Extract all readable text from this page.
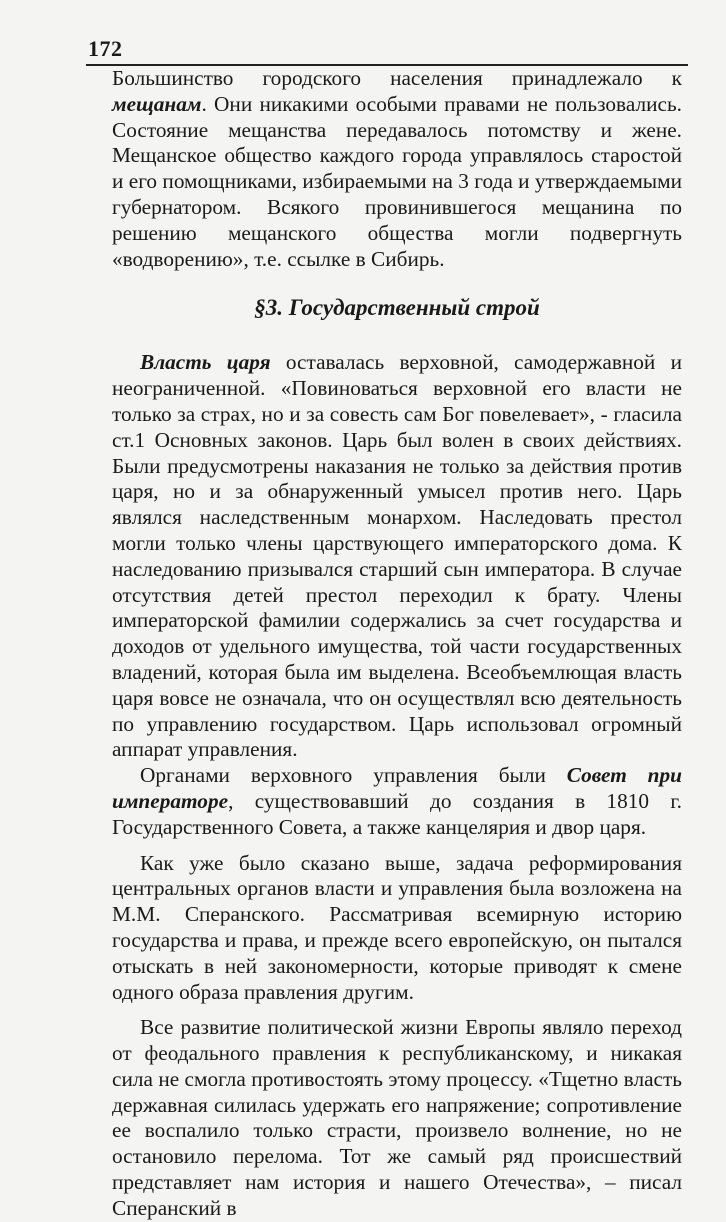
172

Большинство городского населения принадлежало к мещанам. Они никакими особыми правами не пользовались. Состояние мещанства передавалось потомству и жене. Мещанское общество каждого города управлялось старостой и его помощниками, избираемыми на 3 года и утверждаемыми губернатором. Всякого провинившегося мещанина по решению мещанского общества могли подвергнуть «водворению», т.е. ссылке в Сибирь.

§3. Государственный строй

Власть царя оставалась верховной, самодержавной и неограниченной. «Повиноваться верховной его власти не только за страх, но и за совесть сам Бог повелевает», - гласила ст.1 Основных законов. Царь был волен в своих действиях. Были предусмотрены наказания не только за действия против царя, но и за обнаруженный умысел против него. Царь являлся наследственным монархом. Наследовать престол могли только члены царствующего императорского дома. К наследованию призывался старший сын императора. В случае отсутствия детей престол переходил к брату. Члены императорской фамилии содержались за счет государства и доходов от удельного имущества, той части государственных владений, которая была им выделена. Всеобъемлющая власть царя вовсе не означала, что он осуществлял всю деятельность по управлению государством. Царь использовал огромный аппарат управления.

Органами верховного управления были Совет при императоре, существовавший до создания в 1810 г. Государственного Совета, а также канцелярия и двор царя.

Как уже было сказано выше, задача реформирования центральных органов власти и управления была возложена на М.М. Сперанского. Рассматривая всемирную историю государства и права, и прежде всего европейскую, он пытался отыскать в ней закономерности, которые приводят к смене одного образа правления другим.

Все развитие политической жизни Европы являло переход от феодального правления к республиканскому, и никакая сила не смогла противостоять этому процессу. «Тщетно власть державная силилась удержать его напряжение; сопротивление ее воспалило только страсти, произвело волнение, но не остановило перелома. Тот же самый ряд происшествий представляет нам история и нашего Отечества», – писал Сперанский в
